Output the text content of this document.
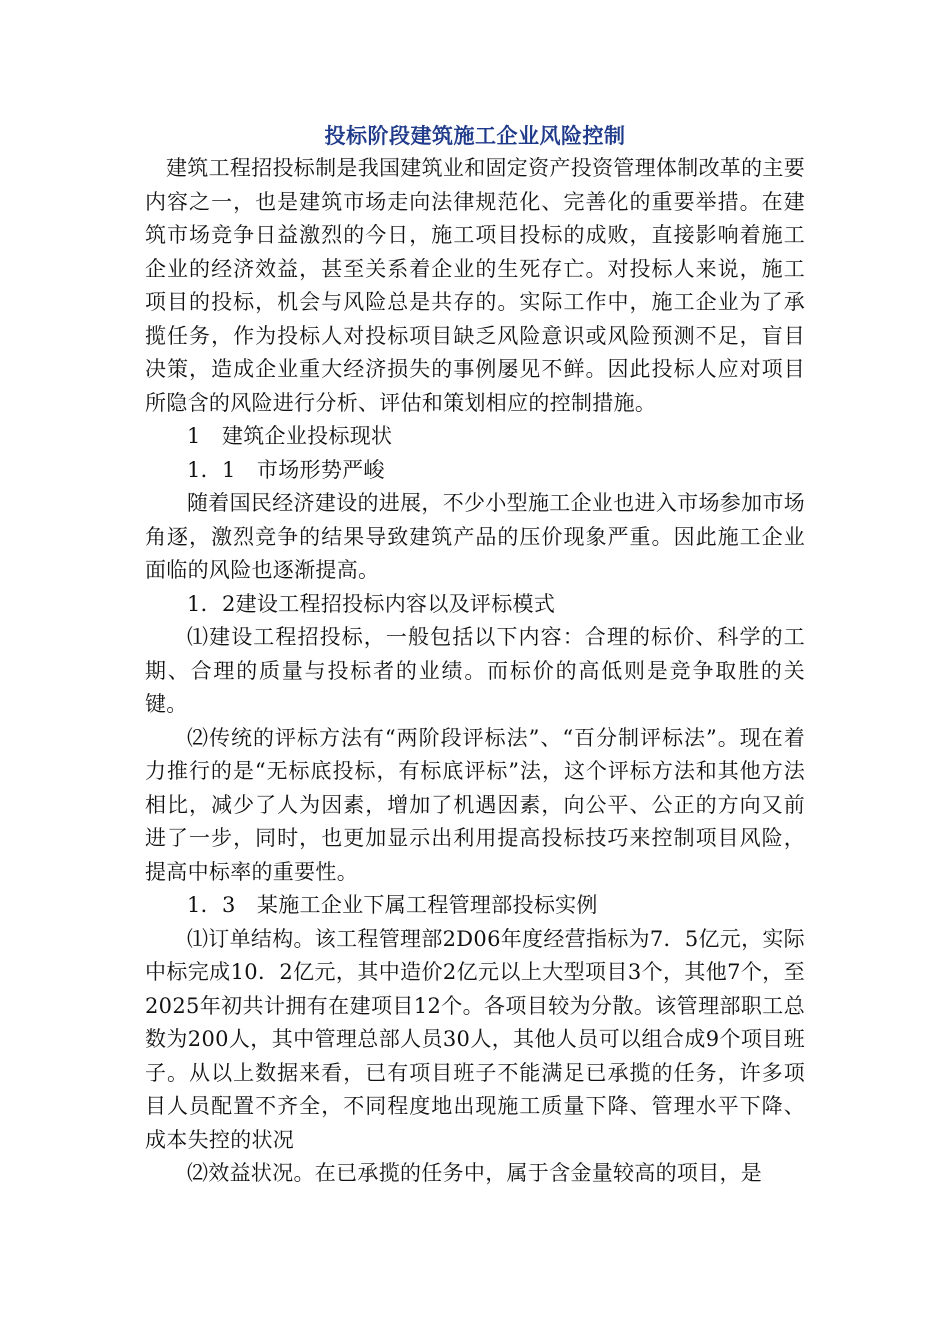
投标阶段建筑施工企业风险控制

建筑工程招投标制是我国建筑业和固定资产投资管理体制改革的主要内容之一，也是建筑市场走向法律规范化、完善化的重要举措。在建筑市场竞争日益激烈的今日，施工项目投标的成败，直接影响着施工企业的经济效益，甚至关系着企业的生死存亡。对投标人来说，施工项目的投标，机会与风险总是共存的。实际工作中，施工企业为了承揽任务，作为投标人对投标项目缺乏风险意识或风险预测不足，盲目决策，造成企业重大经济损失的事例屡见不鲜。因此投标人应对项目所隐含的风险进行分析、评估和策划相应的控制措施。

1　建筑企业投标现状

1．1　市场形势严峻

随着国民经济建设的进展，不少小型施工企业也进入市场参加市场角逐，激烈竞争的结果导致建筑产品的压价现象严重。因此施工企业面临的风险也逐渐提高。

1．2建设工程招投标内容以及评标模式

⑴建设工程招投标，一般包括以下内容：合理的标价、科学的工期、合理的质量与投标者的业绩。而标价的高低则是竞争取胜的关键。

⑵传统的评标方法有“两阶段评标法”、“百分制评标法”。现在着力推行的是“无标底投标，有标底评标”法，这个评标方法和其他方法相比，减少了人为因素，增加了机遇因素，向公平、公正的方向又前进了一步，同时，也更加显示出利用提高投标技巧来控制项目风险，提高中标率的重要性。

1．3　某施工企业下属工程管理部投标实例

⑴订单结构。该工程管理部2D06年度经营指标为7．5亿元，实际中标完成10．2亿元，其中造价2亿元以上大型项目3个，其他7个，至2025年初共计拥有在建项目12个。各项目较为分散。该管理部职工总数为200人，其中管理总部人员30人，其他人员可以组合成9个项目班子。从以上数据来看，已有项目班子不能满足已承揽的任务，许多项目人员配置不齐全，不同程度地出现施工质量下降、管理水平下降、成本失控的状况

⑵效益状况。在已承揽的任务中，属于含金量较高的项目，是
